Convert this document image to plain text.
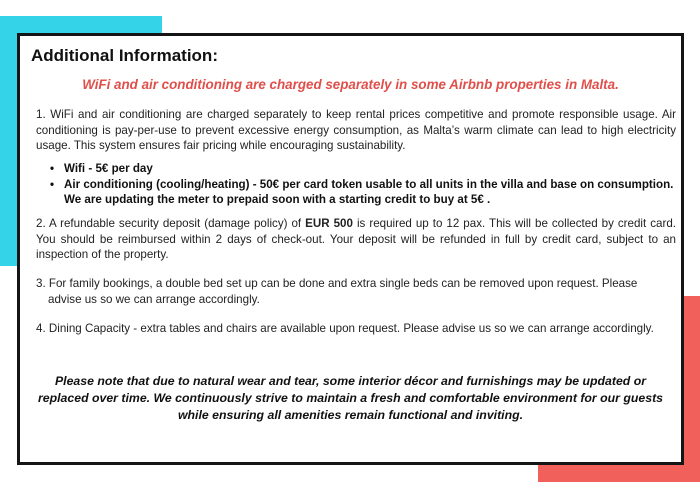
Additional Information:
WiFi and air conditioning are charged separately in some Airbnb properties in Malta.
1. WiFi and air conditioning are charged separately to keep rental prices competitive and promote responsible usage. Air conditioning is pay-per-use to prevent excessive energy consumption, as Malta’s warm climate can lead to high electricity usage. This system ensures fair pricing while encouraging sustainability.
• Wifi - 5€ per day
• Air conditioning (cooling/heating) - 50€ per card token usable to all units in the villa and base on consumption.
We are updating the meter to prepaid soon with a starting credit to buy at 5€ .
2. A refundable security deposit (damage policy) of EUR 500 is required up to 12 pax. This will be collected by credit card. You should be reimbursed within 2 days of check-out. Your deposit will be refunded in full by credit card, subject to an inspection of the property.
3. For family bookings, a double bed set up can be done and extra single beds can be removed upon request. Please
advise us so we can arrange accordingly.
4. Dining Capacity - extra tables and chairs are available upon request. Please advise us so we can arrange accordingly.
Please note that due to natural wear and tear, some interior décor and furnishings may be updated or replaced over time. We continuously strive to maintain a fresh and comfortable environment for our guests while ensuring all amenities remain functional and inviting.
